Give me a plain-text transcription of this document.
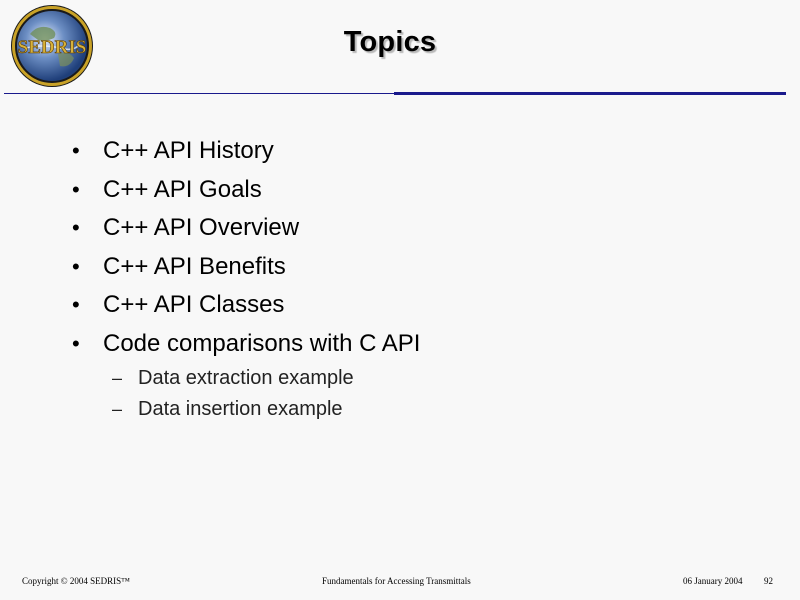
SEDRIS	Topics
• C++ API History
• C++ API Goals
• C++ API Overview
• C++ API Benefits
• C++ API Classes
• Code comparisons with C API
– Data extraction example
– Data insertion example
Copyright © 2004 SEDRIS™	Fundamentals for Accessing Transmittals	06 January 2004 92
